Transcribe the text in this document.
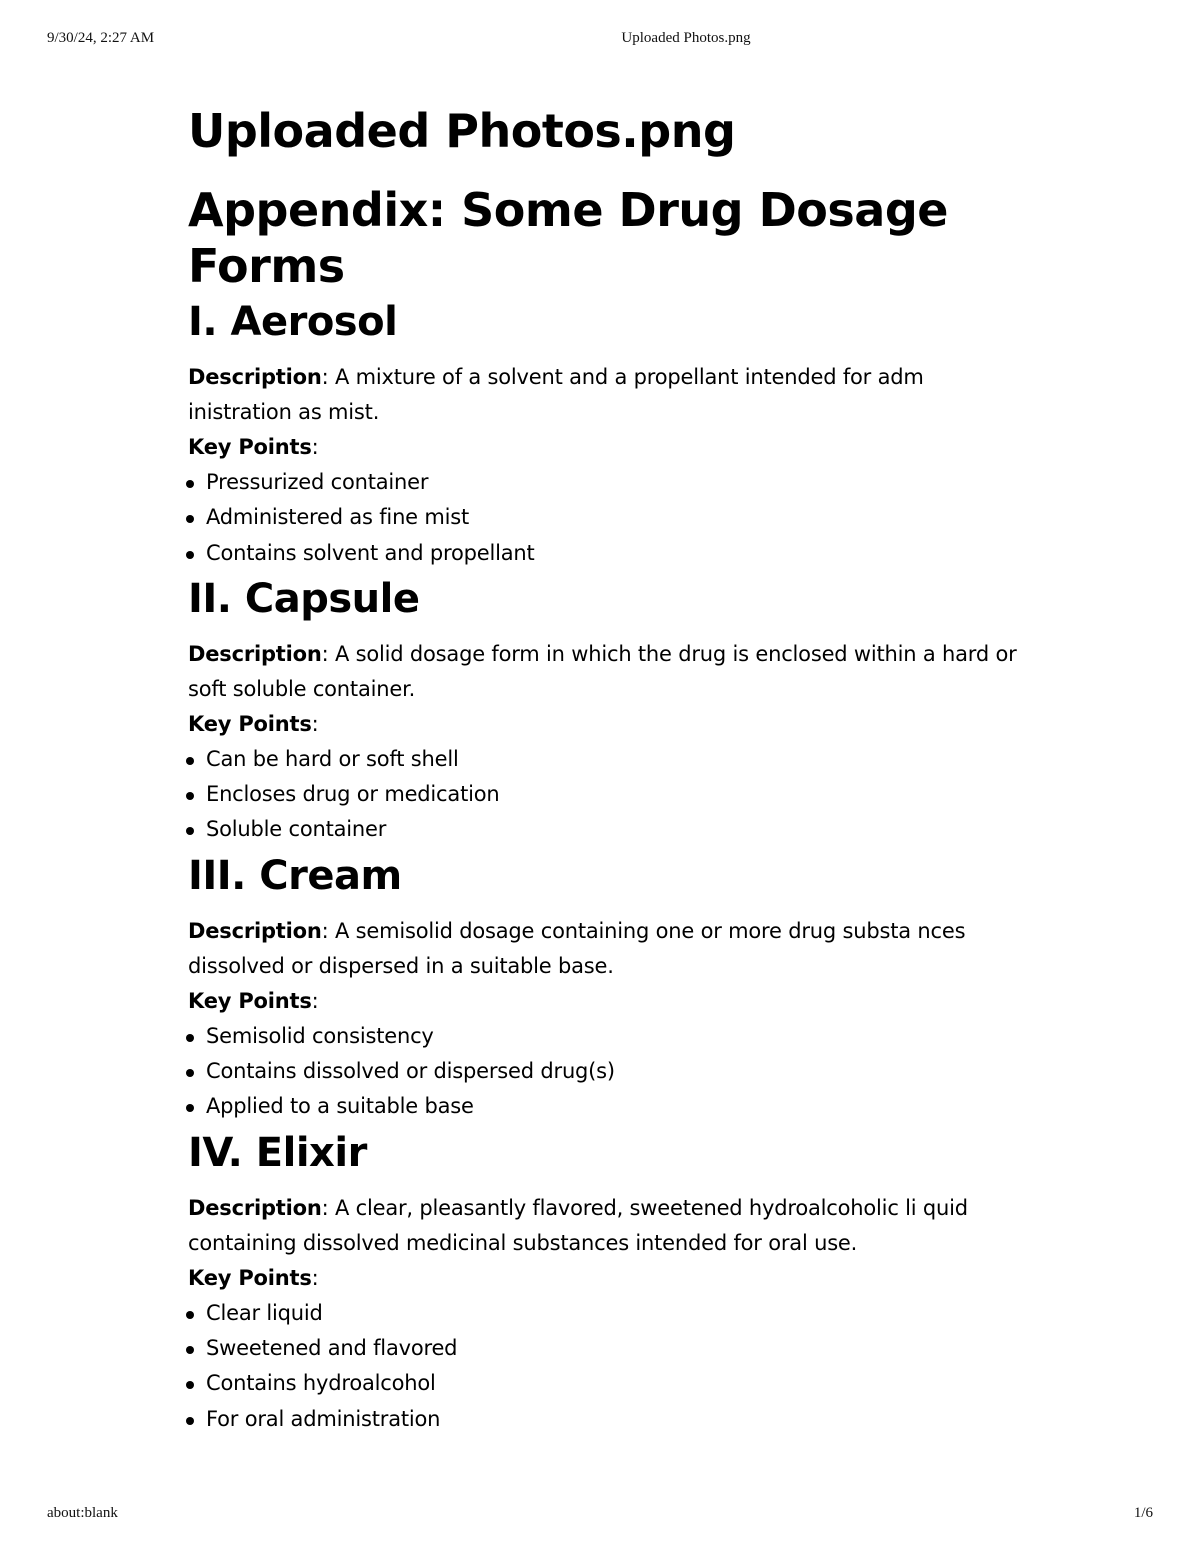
9/30/24, 2:27 AM	Uploaded Photos.png
Uploaded Photos.png
Appendix: Some Drug Dosage Forms
I. Aerosol

Description: A mixture of a solvent and a propellant intended for adm inistration as mist.

Key Points:

Pressurized container
Administered as fine mist
Contains solvent and propellant
II. Capsule

Description: A solid dosage form in which the drug is enclosed within a hard or soft soluble container.

Key Points:

Can be hard or soft shell
Encloses drug or medication
Soluble container
III. Cream

Description: A semisolid dosage containing one or more drug substa nces dissolved or dispersed in a suitable base.

Key Points:

Semisolid consistency
Contains dissolved or dispersed drug(s)
Applied to a suitable base
IV. Elixir

Description: A clear, pleasantly flavored, sweetened hydroalcoholic li quid containing dissolved medicinal substances intended for oral use.

Key Points:

Clear liquid
Sweetened and flavored
Contains hydroalcohol
For oral administration
about:blank	1/6
